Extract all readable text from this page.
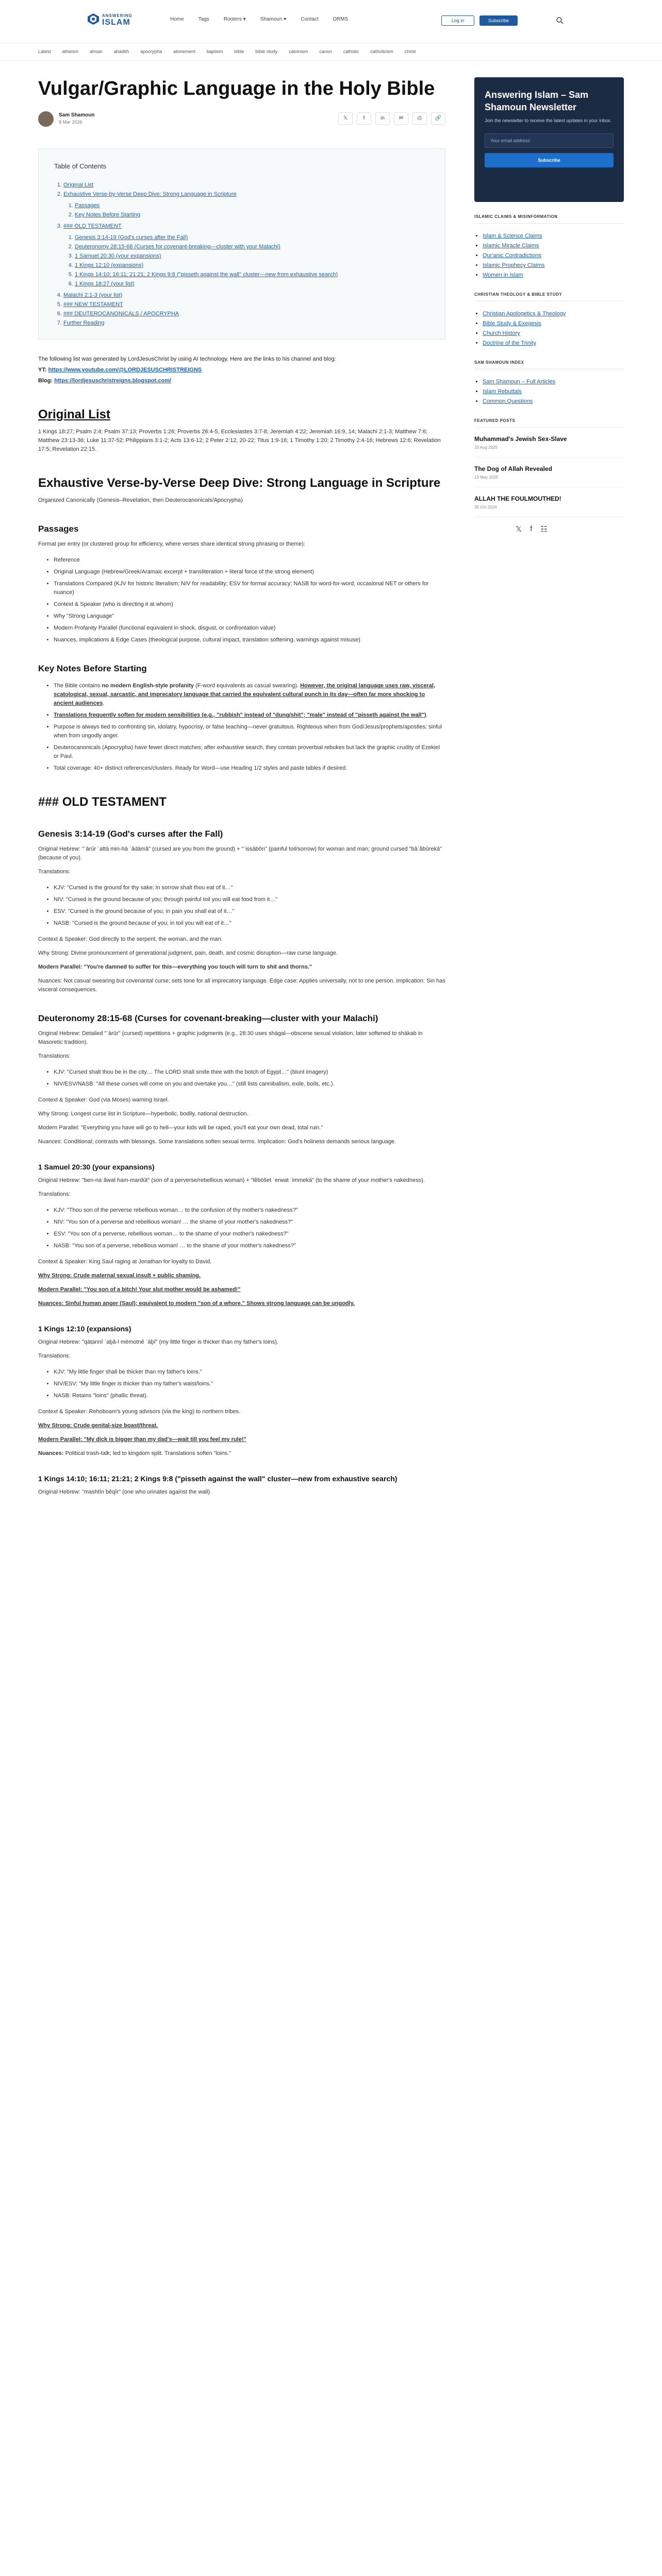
ANSWERING
ISLAM	Home	Tags	Rooters ▾	Shamoun ▾	Contact	DRMS	Log in	Subscribe
Latest atheism ahsan ahadith apocrypha atonement baptism bible bible study calvinism canon catholic catholicism christ
Vulgar/Graphic Language in the Holy Bible
Sam Shamoun
8 Mar 2026
𝕏	f	in	✉	⎙	🔗
Table of Contents
1. Original List
2. Exhaustive Verse-by-Verse Deep Dive: Strong Language in Scripture
1. Passages
2. Key Notes Before Starting
3. ### OLD TESTAMENT
1. Genesis 3:14-19 (God's curses after the Fall)
2. Deuteronomy 28:15-68 (Curses for covenant-breaking—cluster with your Malachi)
3. 1 Samuel 20:30 (your expansions)
4. 1 Kings 12:10 (expansions)
5. 1 Kings 14:10; 16:11; 21:21; 2 Kings 9:8 ("pisseth against the wall" cluster—new from exhaustive search)
6. 1 Kings 18:27 (your list)
4. Malachi 2:1-3 (your list)
5. ### NEW TESTAMENT
6. ### DEUTEROCANONICALS / APOCRYPHA
7. Further Reading

The following list was generated by LordJesusChrist by using AI technology. Here are the links to his channel and blog:

YT: https://www.youtube.com/@LORDJESUSCHRISTREIGNS

Blog: https://lordjesuschristreigns.blogspot.com/

Original List

1 Kings 18:27; Psalm 2:4; Psalm 37:13; Proverbs 1:26; Proverbs 26:4-5, Ecclesiastes 3:7-8; Jeremiah 4:22; Jeremiah 16:9, 14; Malachi 2:1-3; Matthew 7:6; Matthew 23:13-36; Luke 11:37-52; Philippians 3:1-2; Acts 13:6-12; 2 Peter 2:12, 20-22; Titus 1:9-16; 1 Timothy 1:20; 2 Timothy 2:4-16; Hebrews 12:6; Revelation 17:5; Revelation 22:15.

Exhaustive Verse-by-Verse Deep Dive: Strong Language in Scripture

Organized Canonically (Genesis–Revelation, then Deuterocanonicals/Apocrypha)

Passages

Format per entry (or clustered group for efficiency, where verses share identical strong phrasing or theme):

• Reference
• Original Language (Hebrew/Greek/Aramaic excerpt + transliteration + literal force of the strong element)
• Translations Compared (KJV for historic literalism; NIV for readability; ESV for formal accuracy; NASB for word-for-word; occasional NET or others for nuance)
• Context & Speaker (who is directing it at whom)
• Why "Strong Language"
• Modern Profanity Parallel (functional equivalent in shock, disgust, or confrontation value)
• Nuances, Implications & Edge Cases (theological purpose, cultural impact, translation softening, warnings against misuse)
Key Notes Before Starting
• The Bible contains no modern English-style profanity (F-word equivalents as casual swearing). However, the original language uses raw, visceral, scatological, sexual, sarcastic, and imprecatory language that carried the equivalent cultural punch in its day—often far more shocking to ancient audiences.
• Translations frequently soften for modern sensibilities (e.g., "rubbish" instead of "dung/shit"; "male" instead of "pisseth against the wall").
• Purpose is always tied to confronting sin, idolatry, hypocrisy, or false teaching—never gratuitous. Righteous when from God/Jesus/prophets/apostles; sinful when from ungodly anger.
• Deuterocanonicals (Apocrypha) have fewer direct matches; after exhaustive search, they contain proverbial rebukes but lack the graphic crudity of Ezekiel or Paul.
• Total coverage: 40+ distinct references/clusters. Ready for Word—use Heading 1/2 styles and paste tables if desired.
### OLD TESTAMENT
Genesis 3:14-19 (God's curses after the Fall)

Original Hebrew: "ʾārûr ʾattā min-hā ʾădāmâ" (cursed are you from the ground) + "ʿiṣṣābôn" (painful toil/sorrow) for woman and man; ground cursed "bāʿăbûrekā" (because of you).

Translations:

• KJV: "Cursed is the ground for thy sake; in sorrow shalt thou eat of it…"
• NIV: "Cursed is the ground because of you; through painful toil you will eat food from it…"
• ESV: "Cursed is the ground because of you; in pain you shall eat of it…"
• NASB: "Cursed is the ground because of you; in toil you will eat of it…"

Context & Speaker: God directly to the serpent, the woman, and the man.

Why Strong: Divine pronouncement of generational judgment, pain, death, and cosmic disruption—raw curse language.

Modern Parallel: "You're damned to suffer for this—everything you touch will turn to shit and thorns."

Nuances: Not casual swearing but covenantal curse; sets tone for all imprecatory language. Edge case: Applies universally, not to one person. Implication: Sin has visceral consequences.

Deuteronomy 28:15-68 (Curses for covenant-breaking—cluster with your Malachi)

Original Hebrew: Detailed "ʾārûr" (cursed) repetitions + graphic judgments (e.g., 28:30 uses shāgal—obscene sexual violation, later softened to shākab in Masoretic tradition).

Translations:

• KJV: "Cursed shalt thou be in the city… The LORD shall smite thee with the botch of Egypt…" (blunt imagery)
• NIV/ESV/NASB: "All these curses will come on you and overtake you…" (still lists cannibalism, exile, boils, etc.).

Context & Speaker: God (via Moses) warning Israel.

Why Strong: Longest curse list in Scripture—hyperbolic, bodily, national destruction.

Modern Parallel: "Everything you have will go to hell—your kids will be raped, you'll eat your own dead, total ruin."

Nuances: Conditional; contrasts with blessings. Some translations soften sexual terms. Implication: God's holiness demands serious language.

1 Samuel 20:30 (your expansions)

Original Hebrew: "ben-naʿăwat ham-mardût" (son of a perverse/rebellious woman) + "lĕbōšet ʿerwat ʾimmekā" (to the shame of your mother's nakedness).

Translations:

• KJV: "Thou son of the perverse rebellious woman… to the confusion of thy mother's nakedness?"
• NIV: "You son of a perverse and rebellious woman! … the shame of your mother's nakedness?"
• ESV: "You son of a perverse, rebellious woman… to the shame of your mother's nakedness?"
• NASB: "You son of a perverse, rebellious woman! … to the shame of your mother's nakedness?"

Context & Speaker: King Saul raging at Jonathan for loyalty to David.

Why Strong: Crude maternal sexual insult + public shaming.

Modern Parallel: "You son of a bitch! Your slut mother would be ashamed!"

Nuances: Sinful human anger (Saul); equivalent to modern "son of a whore." Shows strong language can be ungodly.

1 Kings 12:10 (expansions)

Original Hebrew: "qāṭannî ʿaḇâ-l mēmotnê ʾāḇî" (my little finger is thicker than my father's loins).

Translations:

• KJV: "My little finger shall be thicker than my father's loins."
• NIV/ESV: "My little finger is thicker than my father's waist/loins."
• NASB: Retains "loins" (phallic threat).

Context & Speaker: Rehoboam's young advisors (via the king) to northern tribes.

Why Strong: Crude genital-size boast/threat.

Modern Parallel: "My dick is bigger than my dad's—wait till you feel my rule!"

Nuances: Political trash-talk; led to kingdom split. Translations soften "loins."

1 Kings 14:10; 16:11; 21:21; 2 Kings 9:8 ("pisseth against the wall" cluster—new from exhaustive search)

Original Hebrew: "mashtîn bĕqîr" (one who urinates against the wall).

Answering Islam – Sam Shamoun Newsletter
Join the newsletter to receive the latest updates in your inbox.
Your email address
Subscribe
ISLAMIC CLAIMS & MISINFORMATION
• Islam & Science Claims
• Islamic Miracle Claims
• Qur'anic Contradictions
• Islamic Prophecy Claims
• Women in Islam
CHRISTIAN THEOLOGY & BIBLE STUDY
• Christian Apologetics & Theology
• Bible Study & Exegesis
• Church History
• Doctrine of the Trinity
SAM SHAMOUN INDEX
• Sam Shamoun – Full Articles
• Islam Rebuttals
• Common Questions
FEATURED POSTS
Muhammad's Jewish Sex-Slave
20 Aug 2025
The Dog of Allah Revealed
13 May 2025
ALLAH THE FOULMOUTHED!
30 Oct 2024
𝕏 f ☷
